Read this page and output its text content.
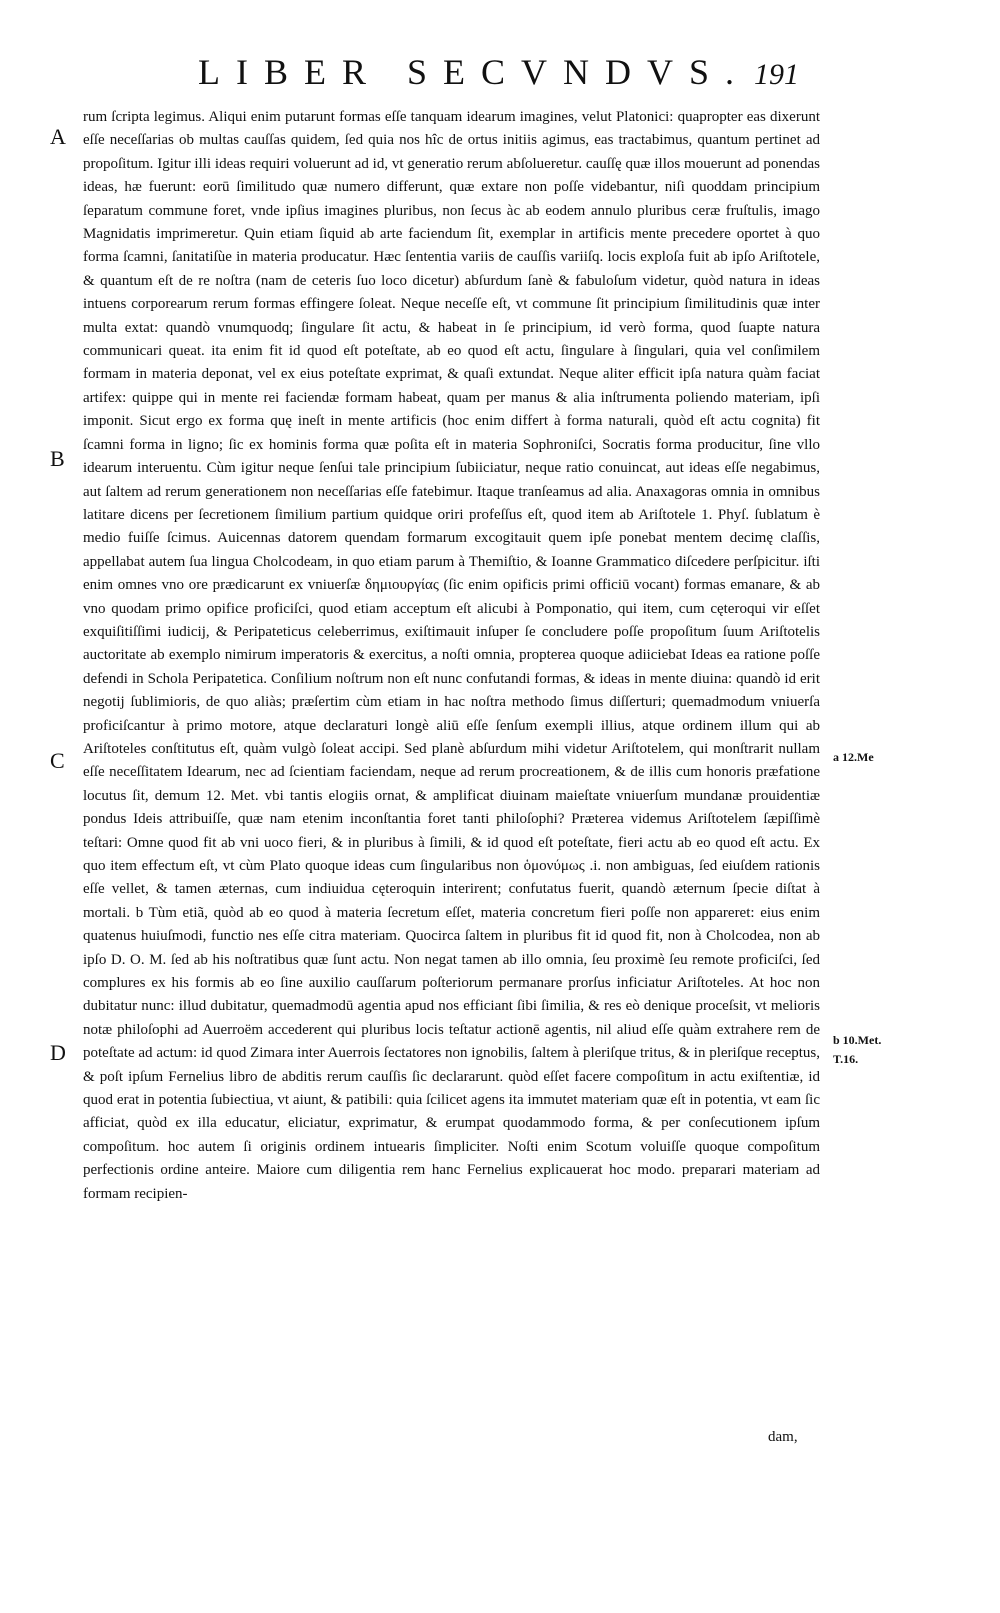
LIBER SECVNDVS. 191
A
B
C
D
a 12.Me
b 10.Met.
T.16.

rum ſcripta legimus. Aliqui enim putarunt formas eſſe tanquam idearum imagines, velut Platonici: quapropter eas dixerunt eſſe neceſſarias ob multas cauſſas quidem, ſed quia nos hîc de ortus initiis agimus, eas tractabimus, quantum pertinet ad propoſitum. Igitur illi ideas requiri voluerunt ad id, vt generatio rerum abſolueretur. cauſſę quæ illos mouerunt ad ponendas ideas, hæ fuerunt: eorū ſimilitudo quæ numero differunt, quæ extare non poſſe videbantur, niſi quoddam principium ſeparatum commune foret, vnde ipſius imagines pluribus, non ſecus àc ab eodem annulo pluribus ceræ fruſtulis, imago Magnidatis imprimeretur. Quin etiam ſiquid ab arte faciendum ſit, exemplar in artificis mente precedere oportet à quo forma ſcamni, ſanitatiſùe in materia producatur. Hæc ſententia variis de cauſſis variiſq. locis exploſa fuit ab ipſo Ariſtotele, & quantum eſt de re noſtra (nam de ceteris ſuo loco dicetur) abſurdum ſanè & fabuloſum videtur, quòd natura in ideas intuens corporearum rerum formas effingere ſoleat. Neque neceſſe eſt, vt commune ſit principium ſimilitudinis quæ inter multa extat: quandò vnumquodq; ſingulare ſit actu, & habeat in ſe principium, id verò forma, quod ſuapte natura communicari queat. ita enim fit id quod eſt poteſtate, ab eo quod eſt actu, ſingulare à ſingulari, quia vel conſimilem formam in materia deponat, vel ex eius poteſtate exprimat, & quaſi extundat. Neque aliter efficit ipſa natura quàm faciat artifex: quippe qui in mente rei faciendæ formam habeat, quam per manus & alia inſtrumenta poliendo materiam, ipſi imponit. Sicut ergo ex forma quę ineſt in mente artificis (hoc enim differt à forma naturali, quòd eſt actu cognita) fit ſcamni forma in ligno; ſic ex hominis forma quæ poſita eſt in materia Sophroniſci, Socratis forma producitur, ſine vllo idearum interuentu. Cùm igitur neque ſenſui tale principium ſubiiciatur, neque ratio conuincat, aut ideas eſſe negabimus, aut ſaltem ad rerum generationem non neceſſarias eſſe fatebimur. Itaque tranſeamus ad alia. Anaxagoras omnia in omnibus latitare dicens per ſecretionem ſimilium partium quidque oriri profeſſus eſt, quod item ab Ariſtotele 1. Phyſ. ſublatum è medio fuiſſe ſcimus. Auicennas datorem quendam formarum excogitauit quem ipſe ponebat mentem decimę claſſis, appellabat autem ſua lingua Cholcodeam, in quo etiam parum à Themiſtio, & Ioanne Grammatico diſcedere perſpicitur. iſti enim omnes vno ore prædicarunt ex vniuerſæ δημιουργίας (ſic enim opificis primi officiū vocant) formas emanare, & ab vno quodam primo opifice proficiſci, quod etiam acceptum eſt alicubi à Pomponatio, qui item, cum cęteroqui vir eſſet exquiſitiſſimi iudicij, & Peripateticus celeberrimus, exiſtimauit inſuper ſe concludere poſſe propoſitum ſuum Ariſtotelis auctoritate ab exemplo nimirum imperatoris & exercitus, a noſti omnia, propterea quoque adiiciebat Ideas ea ratione poſſe defendi in Schola Peripatetica. Conſilium noſtrum non eſt nunc confutandi formas, & ideas in mente diuina: quandò id erit negotij ſublimioris, de quo aliàs; præſertim cùm etiam in hac noſtra methodo ſimus diſſerturi; quemadmodum vniuerſa proficiſcantur à primo motore, atque declaraturi longè aliū eſſe ſenſum exempli illius, atque ordinem illum qui ab Ariſtoteles conſtitutus eſt, quàm vulgò ſoleat accipi. Sed planè abſurdum mihi videtur Ariſtotelem, qui monſtrarit nullam eſſe neceſſitatem Idearum, nec ad ſcientiam faciendam, neque ad rerum procreationem, & de illis cum honoris præfatione locutus ſit, demum 12. Met. vbi tantis elogiis ornat, & amplificat diuinam maieſtate vniuerſum mundanæ prouidentiæ pondus Ideis attribuiſſe, quæ nam etenim inconſtantia foret tanti philoſophi? Præterea videmus Ariſtotelem ſæpiſſimè teſtari: Omne quod fit ab vni uoco fieri, & in pluribus à ſimili, & id quod eſt poteſtate, fieri actu ab eo quod eſt actu. Ex quo item effectum eſt, vt cùm Plato quoque ideas cum ſingularibus non ὁμονύμως .i. non ambiguas, ſed eiuſdem rationis eſſe vellet, & tamen æternas, cum indiuidua cęteroquin interirent; confutatus fuerit, quandò æternum ſpecie diſtat à mortali. b Tùm etiã, quòd ab eo quod à materia ſecretum eſſet, materia concretum fieri poſſe non appareret: eius enim quatenus huiuſmodi, functio nes eſſe citra materiam. Quocirca ſaltem in pluribus fit id quod fit, non à Cholcodea, non ab ipſo D. O. M. ſed ab his noſtratibus quæ ſunt actu. Non negat tamen ab illo omnia, ſeu proximè ſeu remote proficiſci, ſed complures ex his formis ab eo ſine auxilio cauſſarum poſteriorum permanare prorſus inficiatur Ariſtoteles. At hoc non dubitatur nunc: illud dubitatur, quemadmodū agentia apud nos efficiant ſibi ſimilia, & res eò denique proceſsit, vt melioris notæ philoſophi ad Auerroëm accederent qui pluribus locis teſtatur actionē agentis, nil aliud eſſe quàm extrahere rem de poteſtate ad actum: id quod Zimara inter Auerrois ſectatores non ignobilis, ſaltem à pleriſque tritus, & in pleriſque receptus, & poſt ipſum Fernelius libro de abditis rerum cauſſis ſic declararunt. quòd eſſet facere compoſitum in actu exiſtentiæ, id quod erat in potentia ſubiectiua, vt aiunt, & patibili: quia ſcilicet agens ita immutet materiam quæ eſt in potentia, vt eam ſic afficiat, quòd ex illa educatur, eliciatur, exprimatur, & erumpat quodammodo forma, & per conſecutionem ipſum compoſitum. hoc autem ſi originis ordinem intuearis ſimpliciter. Noſti enim Scotum voluiſſe quoque compoſitum perfectionis ordine anteire. Maiore cum diligentia rem hanc Fernelius explicauerat hoc modo. preparari materiam ad formam recipien-

dam,
